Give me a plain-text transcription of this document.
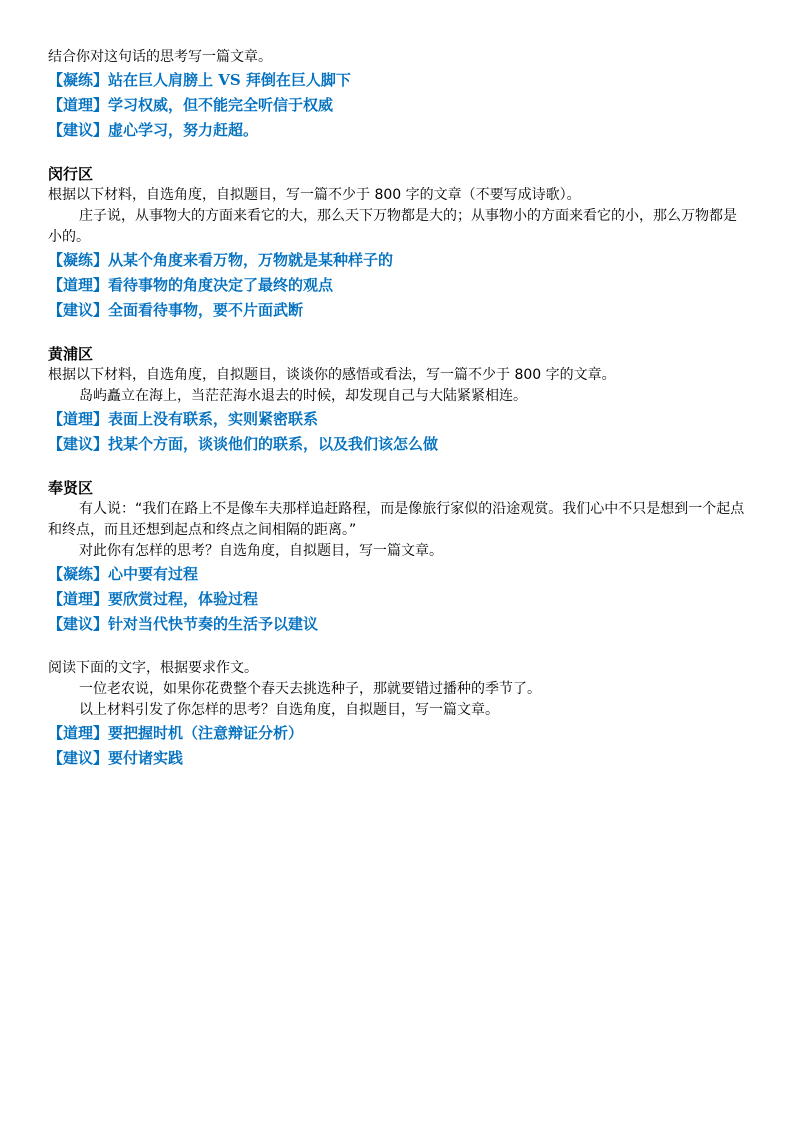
结合你对这句话的思考写一篇文章。

【凝练】站在巨人肩膀上 VS 拜倒在巨人脚下

【道理】学习权威，但不能完全听信于权威

【建议】虚心学习，努力赶超。

闵行区

根据以下材料，自选角度，自拟题目，写一篇不少于 800 字的文章（不要写成诗歌）。

庄子说，从事物大的方面来看它的大，那么天下万物都是大的；从事物小的方面来看它的小，那么万物都是小的。

【凝练】从某个角度来看万物，万物就是某种样子的

【道理】看待事物的角度决定了最终的观点

【建议】全面看待事物，要不片面武断

黄浦区

根据以下材料，自选角度，自拟题目，谈谈你的感悟或看法，写一篇不少于 800 字的文章。

岛屿矗立在海上，当茫茫海水退去的时候，却发现自己与大陆紧紧相连。

【道理】表面上没有联系，实则紧密联系

【建议】找某个方面，谈谈他们的联系，以及我们该怎么做

奉贤区

有人说：“我们在路上不是像车夫那样追赶路程，而是像旅行家似的沿途观赏。我们心中不只是想到一个起点和终点，而且还想到起点和终点之间相隔的距离。”

对此你有怎样的思考？自选角度，自拟题目，写一篇文章。

【凝练】心中要有过程

【道理】要欣赏过程，体验过程

【建议】针对当代快节奏的生活予以建议

阅读下面的文字，根据要求作文。

一位老农说，如果你花费整个春天去挑选种子，那就要错过播种的季节了。

以上材料引发了你怎样的思考？自选角度，自拟题目，写一篇文章。

【道理】要把握时机（注意辩证分析）

【建议】要付诸实践
